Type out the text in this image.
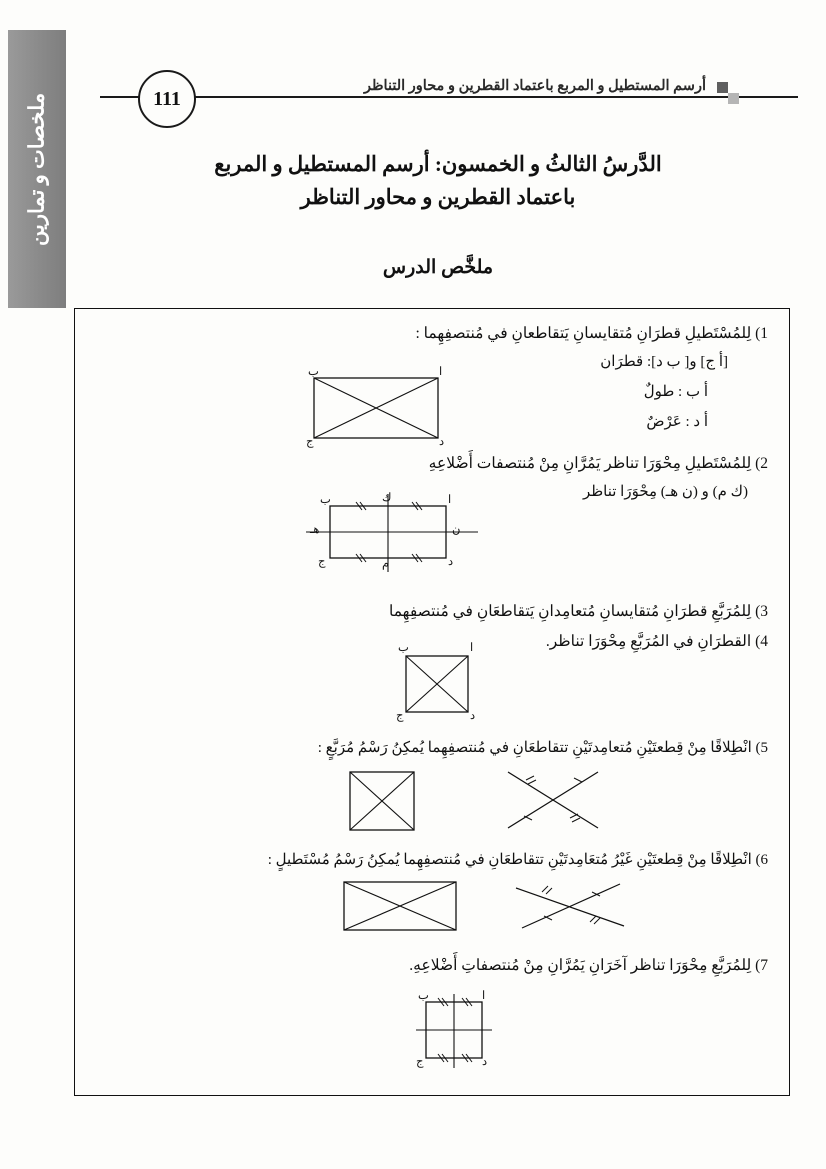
ملخصات و تمارين	111
أرسم المستطيل و المربع باعتماد القطرين و محاور التناظر
الدَّرسُ الثالثُ و الخمسون: أرسم المستطيل و المربع
باعتماد القطرين و محاور التناظر
ملخَّص الدرس
‎     ‎
1) لِلمُسْتَطيلِ قطرَانِ مُتقايسانِ يَتقاطعانِ في مُنتصفِهِما :
[أ ج] و[ ب د]: قطرَان
أ ب : طولٌ
أ د : عَرْضٌ
ا
ب
ج	د
2) لِلمُسْتَطيلِ مِحْوَرَا تناظر يَمُرَّانِ مِنْ مُنتصفات أَضْلاعِهِ
(ك م) و (ن هـ) مِحْوَرَا تناظر
ا
ب
ج	د
ك
م
ن
هـ
3) لِلمُرَبَّعِ قطرَانِ مُتقايسانِ مُتعامِدانِ يَتقاطعَانِ في مُنتصفِهِما
4) القطرَانِ في المُرَبَّعِ مِحْوَرَا تناظر.
ا
ب
ج	د
5) انْطِلاقًا مِنْ قِطعتَيْنِ مُتعامِدتَيْنِ تتقاطعَانِ في مُنتصفِهِما يُمكِنُ رَسْمُ مُرَبَّعٍ :
6) انْطِلاقًا مِنْ قِطعتَيْنِ غَيْرُ مُتعَامِدتَيْنِ تتقاطعَانِ في مُنتصفِهِما يُمكِنُ رَسْمُ مُسْتَطيلٍ :
7) لِلمُرَبَّعِ مِحْوَرَا تناظر آخَرَانِ يَمُرَّانِ مِنْ مُنتصفاتِ أَضْلاعِهِ.
ا
ب
ج	د
